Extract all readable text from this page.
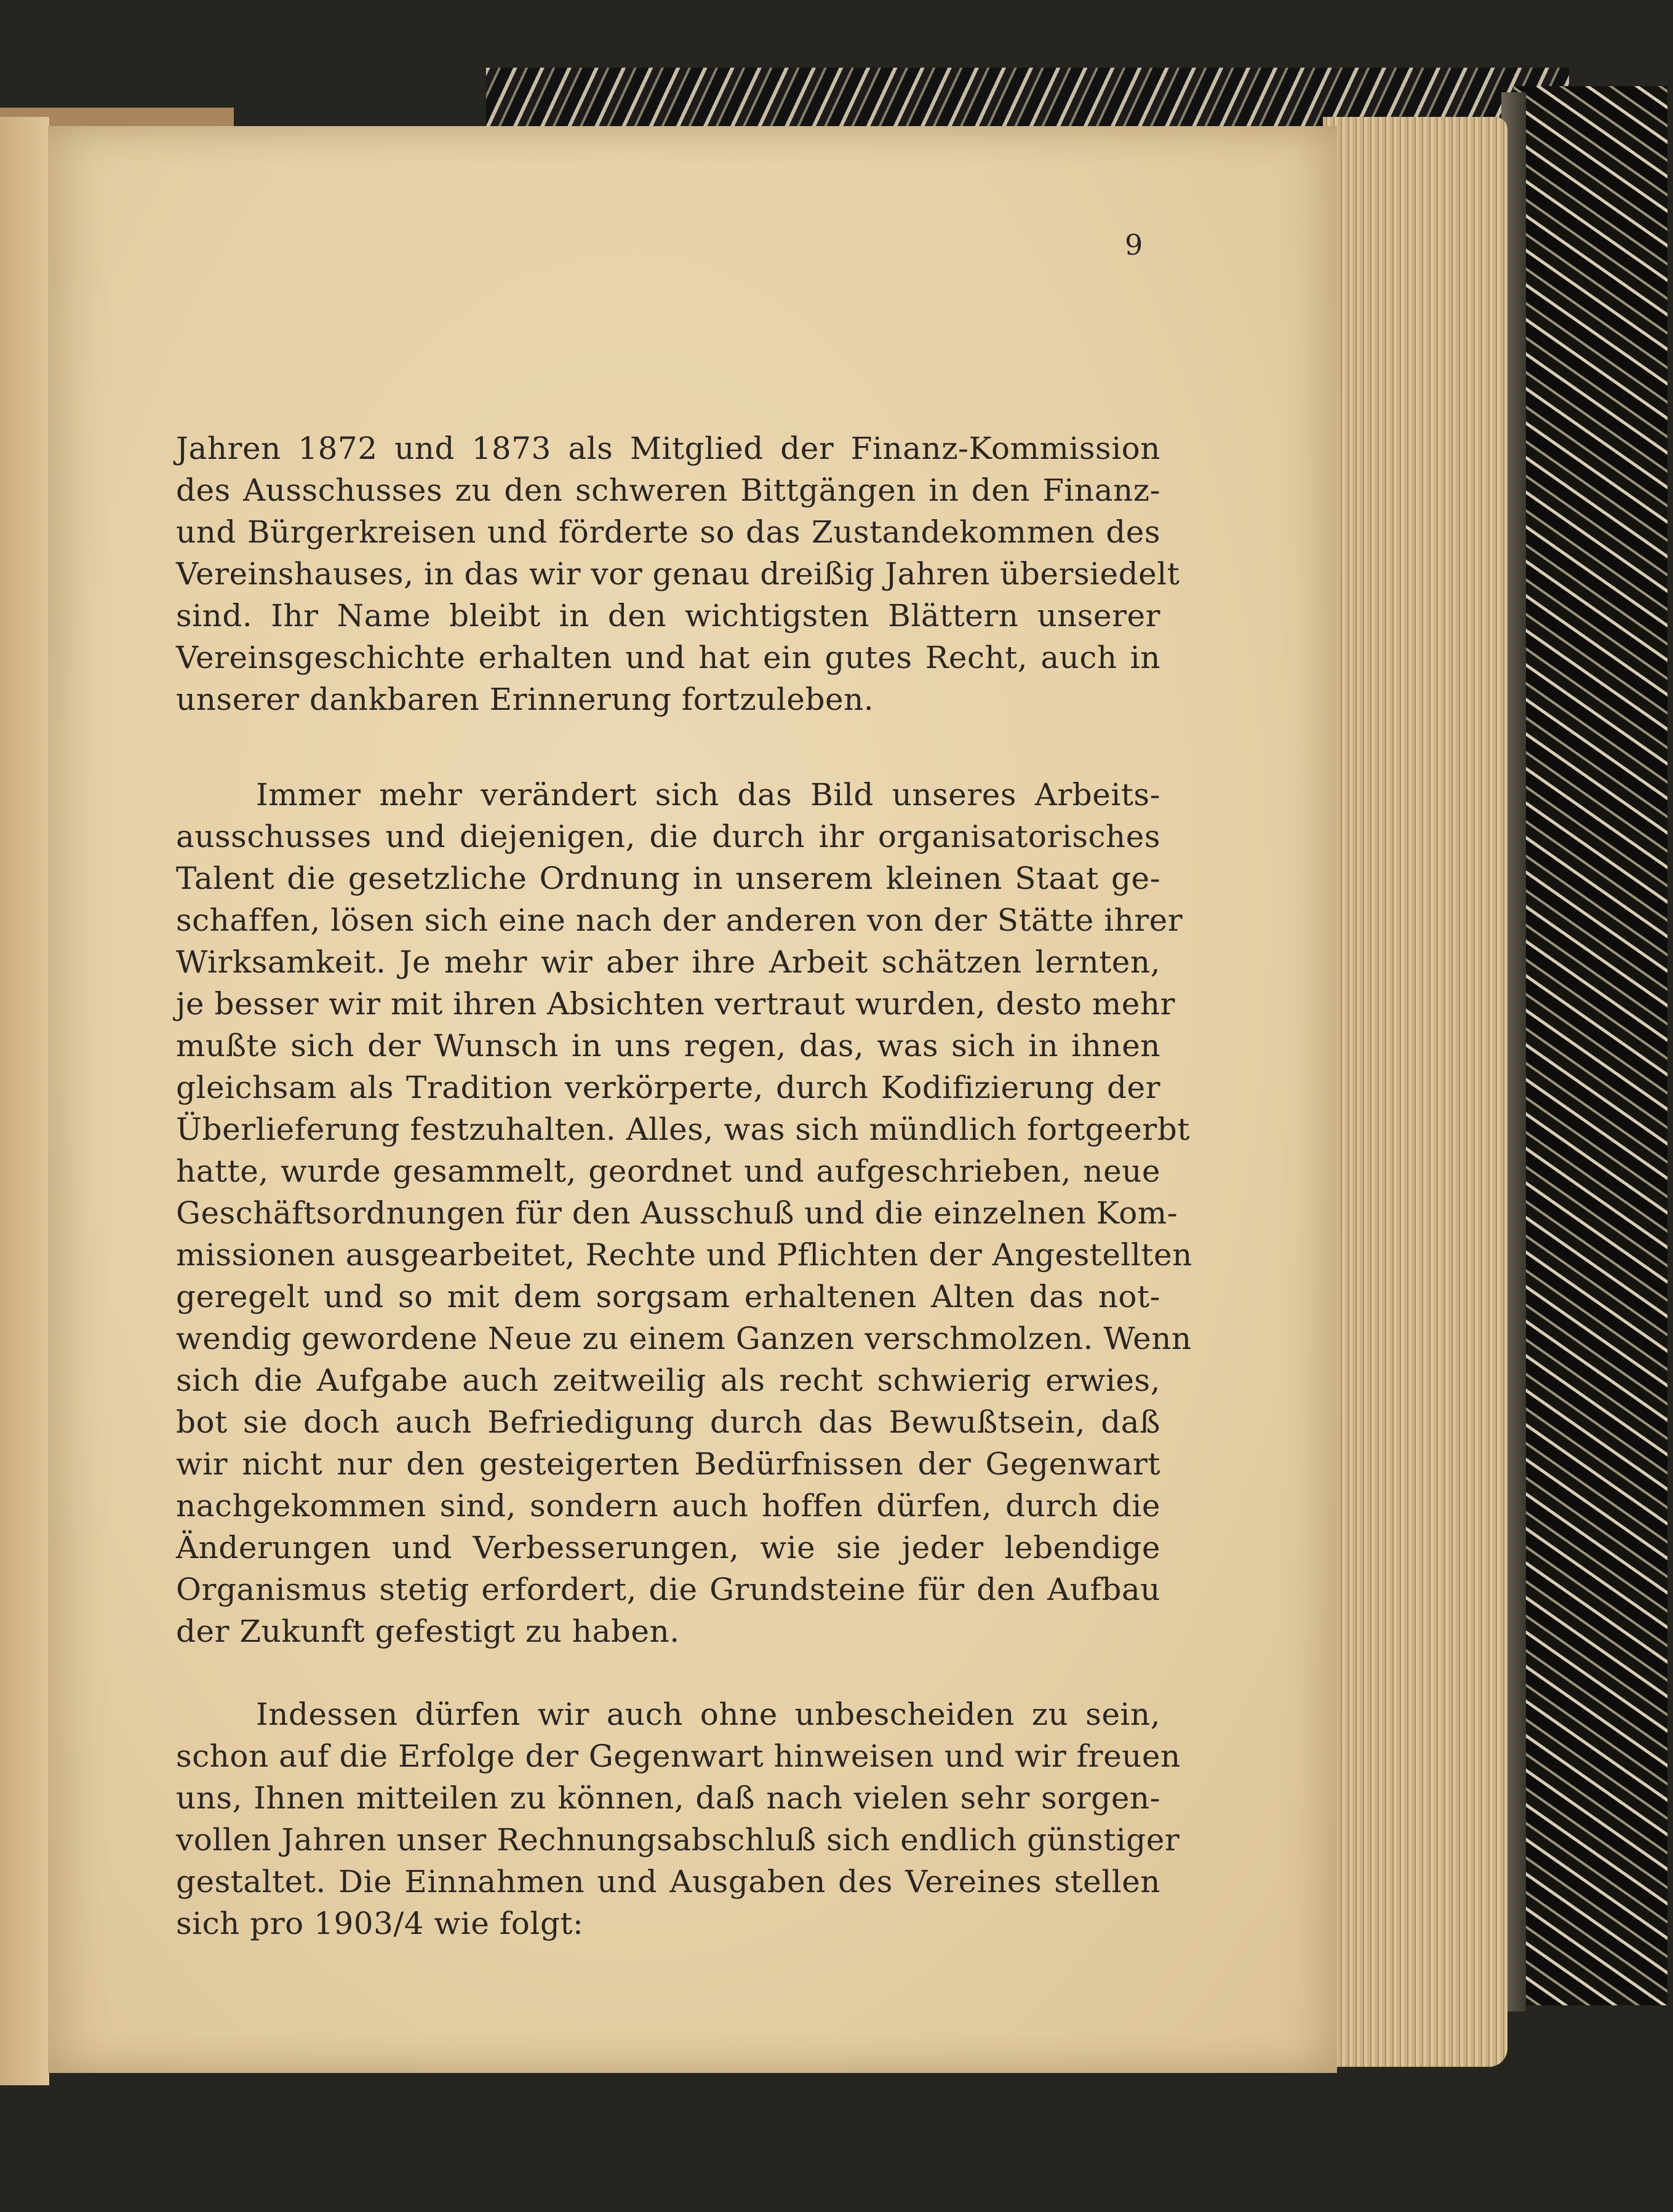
9
Jahren 1872 und 1873 als Mitglied der Finanz-Kommission
des Ausschusses zu den schweren Bittgängen in den Finanz-
und Bürgerkreisen und förderte so das Zustandekommen des
Vereinshauses, in das wir vor genau dreißig Jahren übersiedelt
sind. Ihr Name bleibt in den wichtigsten Blättern unserer
Vereinsgeschichte erhalten und hat ein gutes Recht, auch in
unserer dankbaren Erinnerung fortzuleben.
Immer mehr verändert sich das Bild unseres Arbeits-
ausschusses und diejenigen, die durch ihr organisatorisches
Talent die gesetzliche Ordnung in unserem kleinen Staat ge-
schaffen, lösen sich eine nach der anderen von der Stätte ihrer
Wirksamkeit. Je mehr wir aber ihre Arbeit schätzen lernten,
je besser wir mit ihren Absichten vertraut wurden, desto mehr
mußte sich der Wunsch in uns regen, das, was sich in ihnen
gleichsam als Tradition verkörperte, durch Kodifizierung der
Überlieferung festzuhalten. Alles, was sich mündlich fortgeerbt
hatte, wurde gesammelt, geordnet und aufgeschrieben, neue
Geschäftsordnungen für den Ausschuß und die einzelnen Kom-
missionen ausgearbeitet, Rechte und Pflichten der Angestellten
geregelt und so mit dem sorgsam erhaltenen Alten das not-
wendig gewordene Neue zu einem Ganzen verschmolzen. Wenn
sich die Aufgabe auch zeitweilig als recht schwierig erwies,
bot sie doch auch Befriedigung durch das Bewußtsein, daß
wir nicht nur den gesteigerten Bedürfnissen der Gegenwart
nachgekommen sind, sondern auch hoffen dürfen, durch die
Änderungen und Verbesserungen, wie sie jeder lebendige
Organismus stetig erfordert, die Grundsteine für den Aufbau
der Zukunft gefestigt zu haben.
Indessen dürfen wir auch ohne unbescheiden zu sein,
schon auf die Erfolge der Gegenwart hinweisen und wir freuen
uns, Ihnen mitteilen zu können, daß nach vielen sehr sorgen-
vollen Jahren unser Rechnungsabschluß sich endlich günstiger
gestaltet. Die Einnahmen und Ausgaben des Vereines stellen
sich pro 1903/4 wie folgt:
